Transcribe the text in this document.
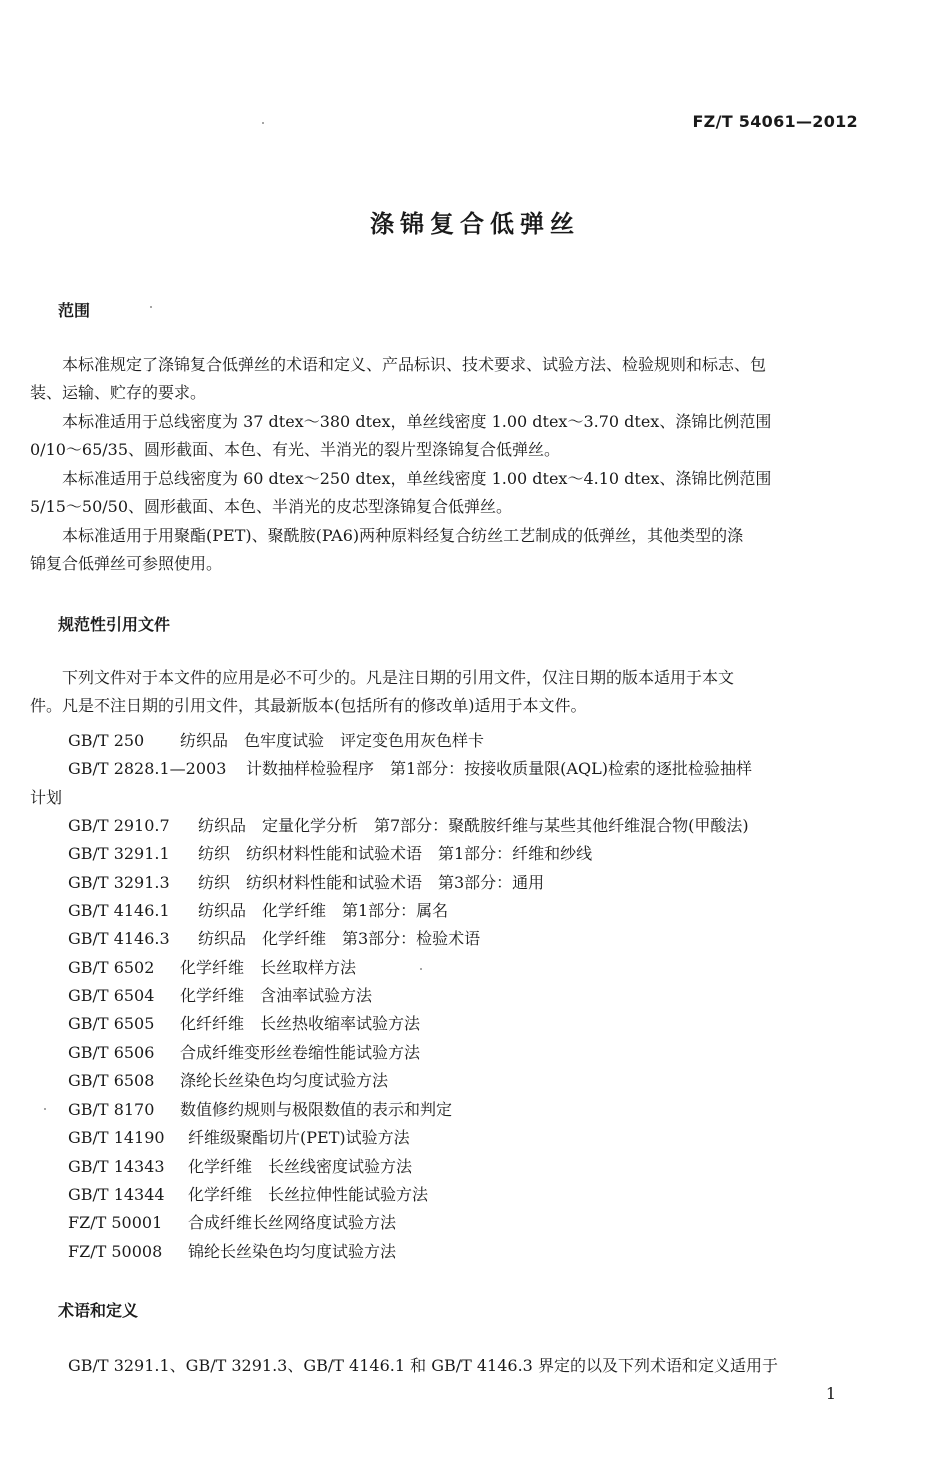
FZ/T 54061—2012
涤锦复合低弹丝
范围
本标准规定了涤锦复合低弹丝的术语和定义、产品标识、技术要求、试验方法、检验规则和标志、包
装、运输、贮存的要求。
本标准适用于总线密度为 37 dtex～380 dtex，单丝线密度 1.00 dtex～3.70 dtex、涤锦比例范围
0/10～65/35、圆形截面、本色、有光、半消光的裂片型涤锦复合低弹丝。
本标准适用于总线密度为 60 dtex～250 dtex，单丝线密度 1.00 dtex～4.10 dtex、涤锦比例范围
5/15～50/50、圆形截面、本色、半消光的皮芯型涤锦复合低弹丝。
本标准适用于用聚酯(PET)、聚酰胺(PA6)两种原料经复合纺丝工艺制成的低弹丝，其他类型的涤
锦复合低弹丝可参照使用。
规范性引用文件
下列文件对于本文件的应用是必不可少的。凡是注日期的引用文件，仅注日期的版本适用于本文
件。凡是不注日期的引用文件，其最新版本(包括所有的修改单)适用于本文件。
GB/T 250 纺织品　色牢度试验　评定变色用灰色样卡
GB/T 2828.1—2003 计数抽样检验程序　第1部分：按接收质量限(AQL)检索的逐批检验抽样
计划
GB/T 2910.7 纺织品　定量化学分析　第7部分：聚酰胺纤维与某些其他纤维混合物(甲酸法)
GB/T 3291.1 纺织　纺织材料性能和试验术语　第1部分：纤维和纱线
GB/T 3291.3 纺织　纺织材料性能和试验术语　第3部分：通用
GB/T 4146.1 纺织品　化学纤维　第1部分：属名
GB/T 4146.3 纺织品　化学纤维　第3部分：检验术语
GB/T 6502 化学纤维　长丝取样方法
GB/T 6504 化学纤维　含油率试验方法
GB/T 6505 化纤纤维　长丝热收缩率试验方法
GB/T 6506 合成纤维变形丝卷缩性能试验方法
GB/T 6508 涤纶长丝染色均匀度试验方法
GB/T 8170 数值修约规则与极限数值的表示和判定
GB/T 14190 纤维级聚酯切片(PET)试验方法
GB/T 14343 化学纤维　长丝线密度试验方法
GB/T 14344 化学纤维　长丝拉伸性能试验方法
FZ/T 50001 合成纤维长丝网络度试验方法
FZ/T 50008 锦纶长丝染色均匀度试验方法
术语和定义
GB/T 3291.1、GB/T 3291.3、GB/T 4146.1 和 GB/T 4146.3 界定的以及下列术语和定义适用于
1
